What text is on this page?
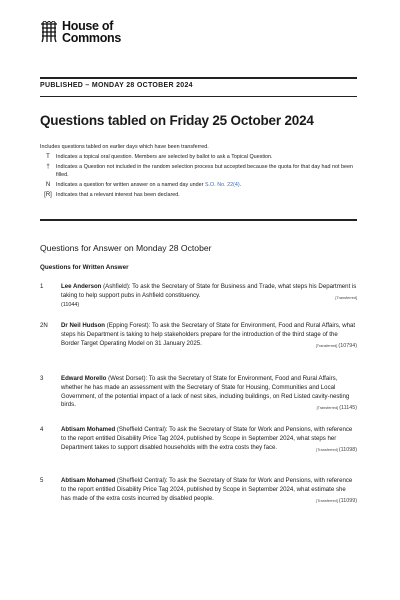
House of
Commons
PUBLISHED – MONDAY 28 OCTOBER 2024
Questions tabled on Friday 25 October 2024
Includes questions tabled on earlier days which have been transferred.
T	Indicates a topical oral question. Members are selected by ballot to ask a Topical Question.
†	Indicates a Question not included in the random selection process but accepted because the quota for that day had not been filled.
N	Indicates a question for written answer on a named day under S.O. No. 22(4).
[R] Indicates that a relevant interest has been declared.
Questions for Answer on Monday 28 October
Questions for Written Answer
1	Lee Anderson (Ashfield): To ask the Secretary of State for Business and Trade, what steps his Department is taking to help support pubs in Ashfield constituency.	[Transferred]

(11044)
2N Dr Neil Hudson (Epping Forest): To ask the Secretary of State for Environment, Food and Rural Affairs, what steps his Department is taking to help stakeholders prepare for the introduction of the third stage of the Border Target Operating Model on 31 January 2025.	[Transferred] (10794)
3	Edward Morello (West Dorset): To ask the Secretary of State for Environment, Food and Rural Affairs, whether he has made an assessment with the Secretary of State for Housing, Communities and Local Government, of the potential impact of a lack of nest sites, including buildings, on Red Listed cavity-nesting birds.	[Transferred] (11145)
4	Abtisam Mohamed (Sheffield Central): To ask the Secretary of State for Work and Pensions, with reference to the report entitled Disability Price Tag 2024, published by Scope in September 2024, what steps her Department takes to support disabled households with the extra costs they face.	[Transferred] (11098)
5	Abtisam Mohamed (Sheffield Central): To ask the Secretary of State for Work and Pensions, with reference to the report entitled Disability Price Tag 2024, published by Scope in September 2024, what estimate she has made of the extra costs incurred by disabled people.	[Transferred] (11099)
